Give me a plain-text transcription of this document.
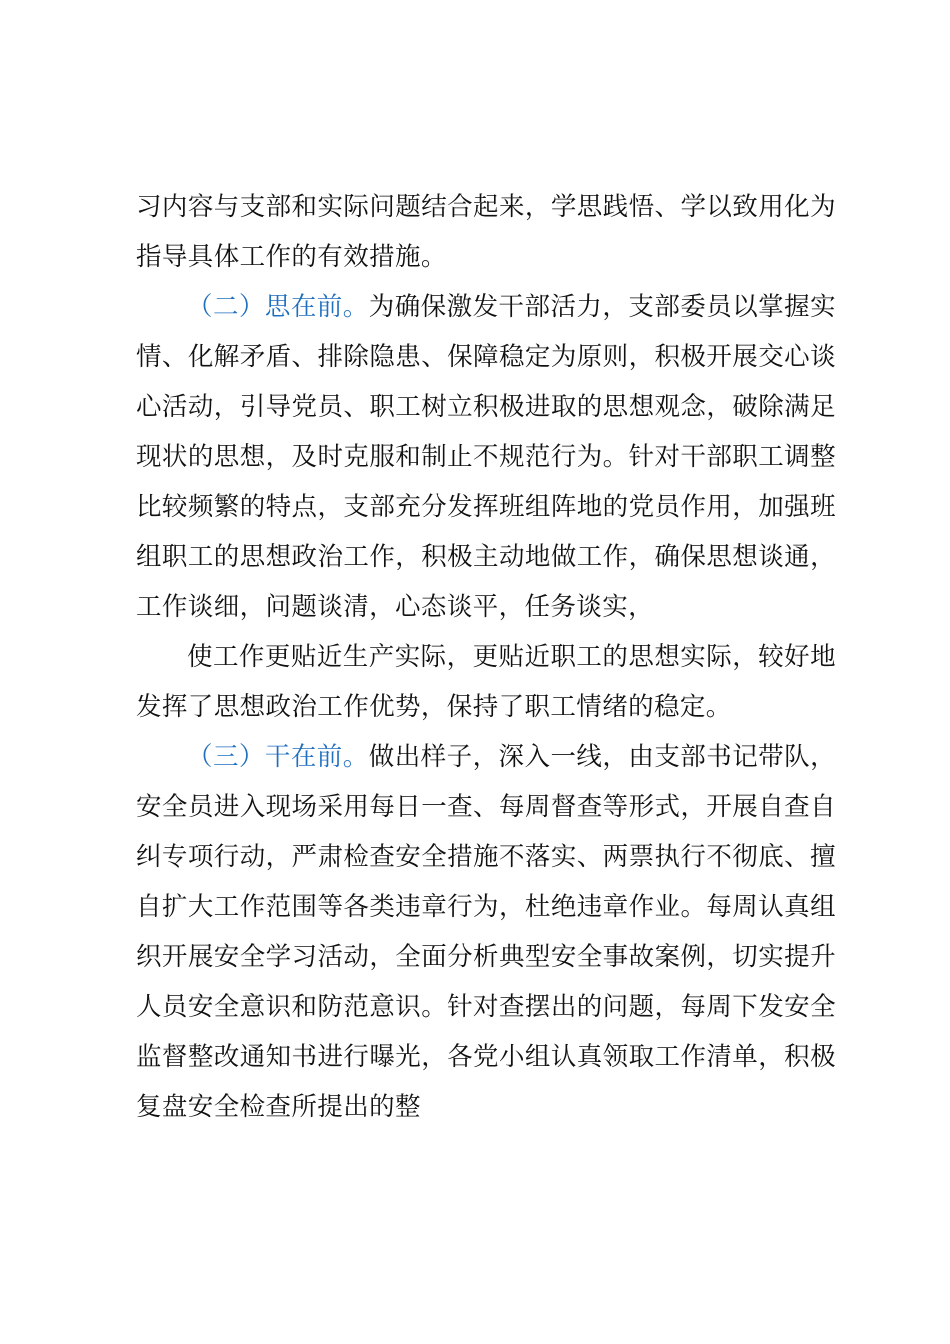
习内容与支部和实际问题结合起来，学思践悟、学以致用化为指导具体工作的有效措施。

（二）思在前。为确保激发干部活力，支部委员以掌握实情、化解矛盾、排除隐患、保障稳定为原则，积极开展交心谈心活动，引导党员、职工树立积极进取的思想观念，破除满足现状的思想，及时克服和制止不规范行为。针对干部职工调整比较频繁的特点，支部充分发挥班组阵地的党员作用，加强班组职工的思想政治工作，积极主动地做工作，确保思想谈通，工作谈细，问题谈清，心态谈平，任务谈实，

使工作更贴近生产实际，更贴近职工的思想实际，较好地发挥了思想政治工作优势，保持了职工情绪的稳定。

（三）干在前。做出样子，深入一线，由支部书记带队，安全员进入现场采用每日一查、每周督查等形式，开展自查自纠专项行动，严肃检查安全措施不落实、两票执行不彻底、擅自扩大工作范围等各类违章行为，杜绝违章作业。每周认真组织开展安全学习活动，全面分析典型安全事故案例，切实提升人员安全意识和防范意识。针对查摆出的问题，每周下发安全监督整改通知书进行曝光，各党小组认真领取工作清单，积极复盘安全检查所提出的整
